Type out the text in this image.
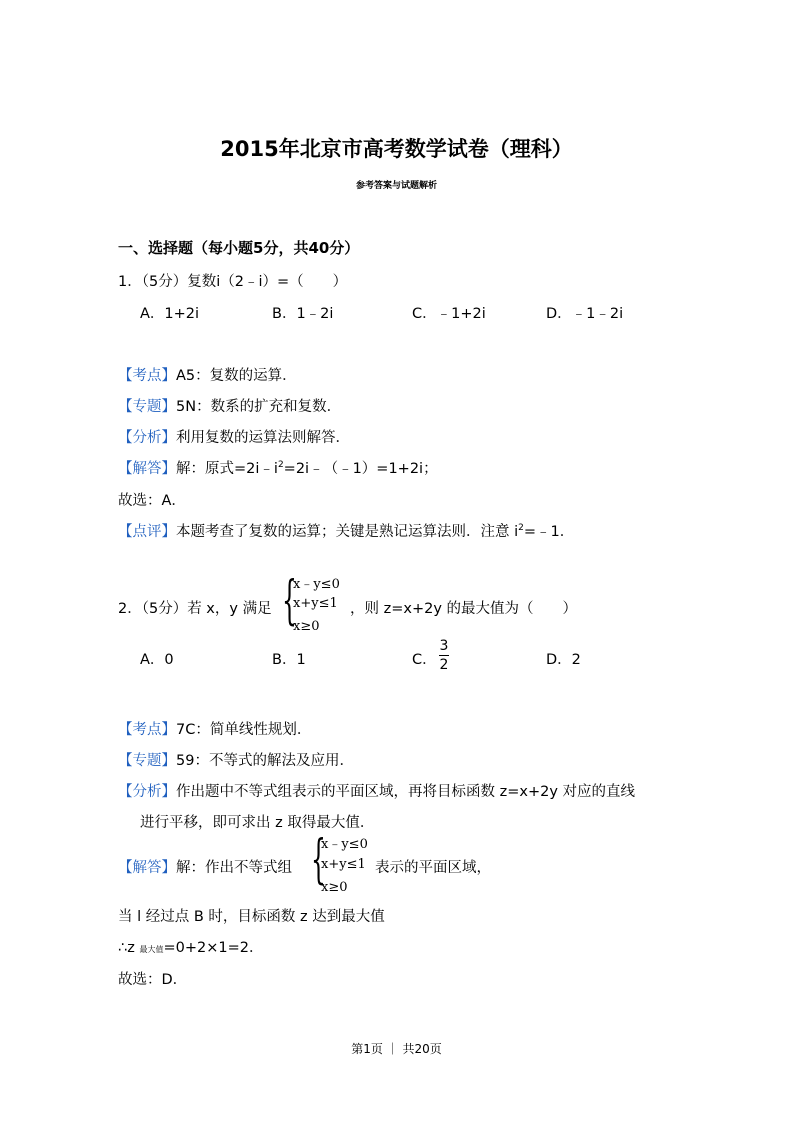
2015年北京市高考数学试卷（理科）
参考答案与试题解析
一、选择题（每小题5分，共40分）
1．（5分）复数i（2﹣i）=（　　）
A．1+2i	B．1﹣2i	C．﹣1+2i	D．﹣1﹣2i
【考点】A5：复数的运算．
【专题】5N：数系的扩充和复数．
【分析】利用复数的运算法则解答．
【解答】解：原式$=2i﹣i^2=2i﹣(﹣1)=1+2i$；
故选：A．
【点评】本题考查了复数的运算；关键是熟记运算法则．注意 $i^2=﹣1$．
2．（5分）若 x，y 满足 {
x﹣y≤0
x+y≤1
x≥0
，则 z=x+2y 的最大值为（　　）
A．0	B．1	C．
3
2	D．2
【考点】7C：简单线性规划．
【专题】59：不等式的解法及应用．
【分析】作出题中不等式组表示的平面区域，再将目标函数 z=x+2y 对应的直线
进行平移，即可求出 z 取得最大值．
【解答】解：作出不等式组 {
x﹣y≤0
x+y≤1
x≥0
表示的平面区域，
当 l 经过点 B 时，目标函数 z 达到最大值
∴z 最大值=0+2×1=2．
故选：D．
第1页 ｜ 共20页
